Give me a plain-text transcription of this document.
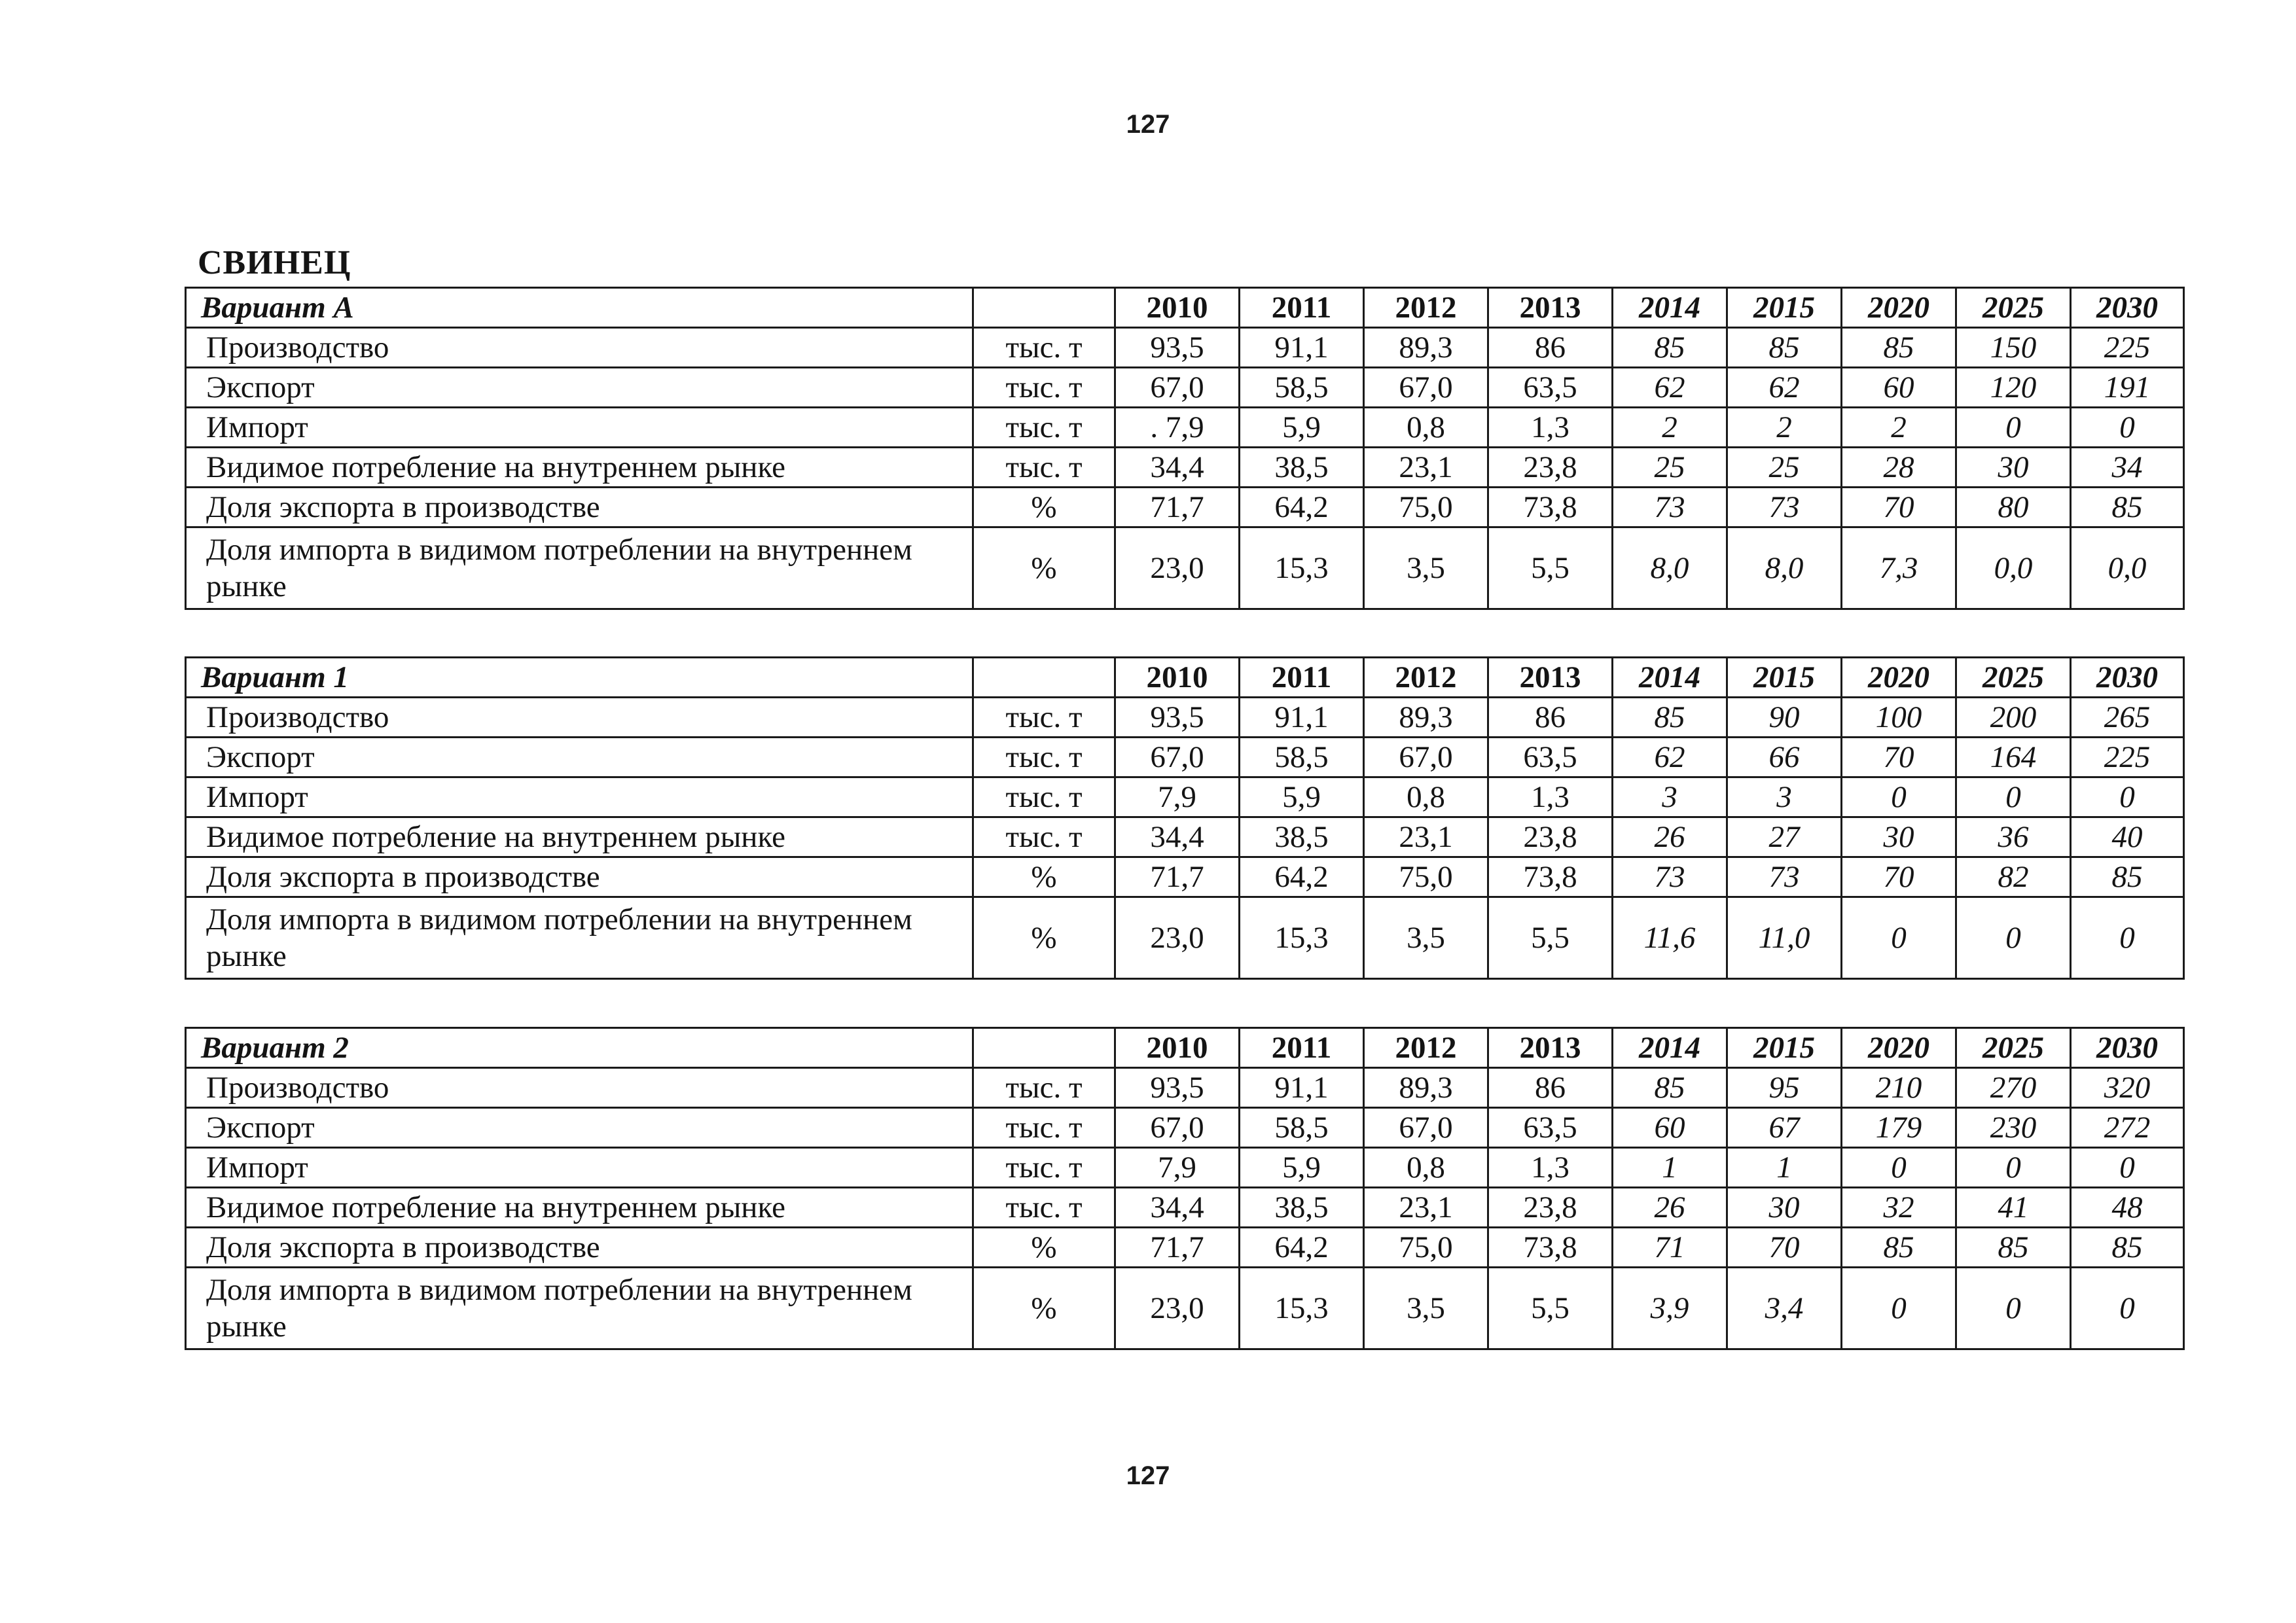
127
СВИНЕЦ
Вариант А		2010	2011	2012	2013	2014	2015	2020	2025	2030
Производство	тыс. т	93,5	91,1	89,3	86	85	85	85	150	225
Экспорт	тыс. т	67,0	58,5	67,0	63,5	62	62	60	120	191
Импорт	тыс. т	. 7,9	5,9	0,8	1,3	2	2	2	0	0
Видимое потребление на внутреннем рынке	тыс. т	34,4	38,5	23,1	23,8	25	25	28	30	34
Доля экспорта в производстве	%	71,7	64,2	75,0	73,8	73	73	70	80	85
Доля импорта в видимом потреблении на внутреннем рынке	%	23,0	15,3	3,5	5,5	8,0	8,0	7,3	0,0	0,0
Вариант 1		2010	2011	2012	2013	2014	2015	2020	2025	2030
Производство	тыс. т	93,5	91,1	89,3	86	85	90	100	200	265
Экспорт	тыс. т	67,0	58,5	67,0	63,5	62	66	70	164	225
Импорт	тыс. т	7,9	5,9	0,8	1,3	3	3	0	0	0
Видимое потребление на внутреннем рынке	тыс. т	34,4	38,5	23,1	23,8	26	27	30	36	40
Доля экспорта в производстве	%	71,7	64,2	75,0	73,8	73	73	70	82	85
Доля импорта в видимом потреблении на внутреннем рынке	%	23,0	15,3	3,5	5,5	11,6	11,0	0	0	0
Вариант 2		2010	2011	2012	2013	2014	2015	2020	2025	2030
Производство	тыс. т	93,5	91,1	89,3	86	85	95	210	270	320
Экспорт	тыс. т	67,0	58,5	67,0	63,5	60	67	179	230	272
Импорт	тыс. т	7,9	5,9	0,8	1,3	1	1	0	0	0
Видимое потребление на внутреннем рынке	тыс. т	34,4	38,5	23,1	23,8	26	30	32	41	48
Доля экспорта в производстве	%	71,7	64,2	75,0	73,8	71	70	85	85	85
Доля импорта в видимом потреблении на внутреннем рынке	%	23,0	15,3	3,5	5,5	3,9	3,4	0	0	0
127
